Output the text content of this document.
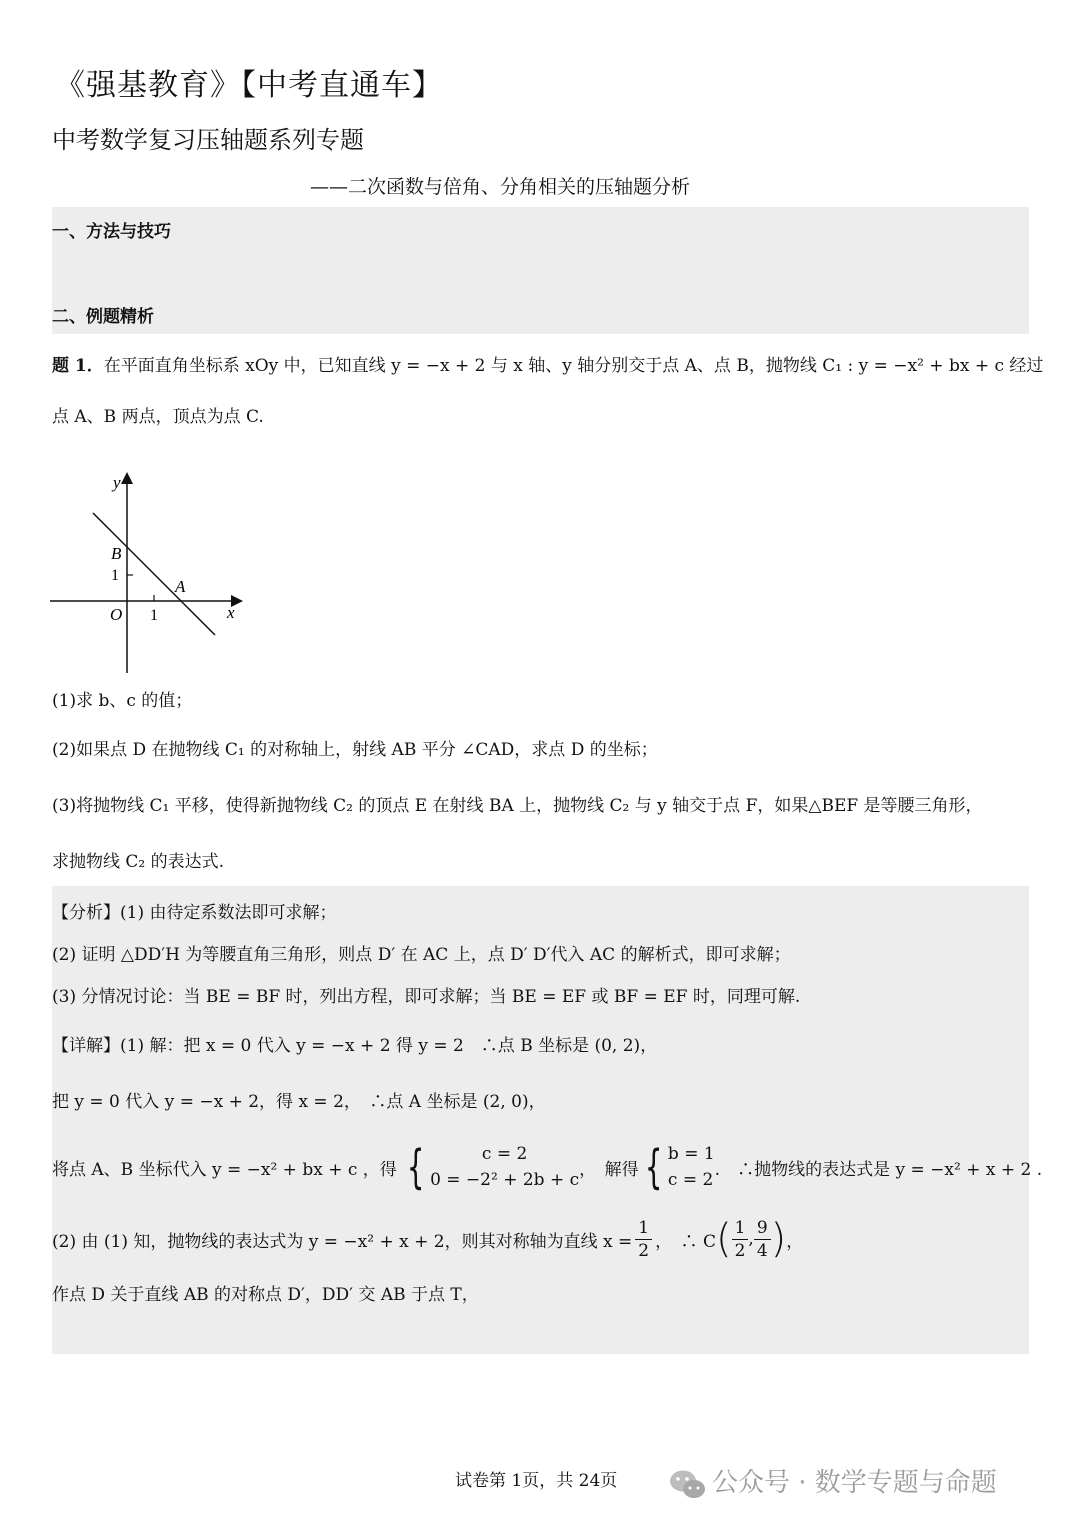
《强基教育》【中考直通车】
中考数学复习压轴题系列专题
——二次函数与倍角、分角相关的压轴题分析
一、方法与技巧
二、例题精析
题 1．在平面直角坐标系 xOy 中，已知直线 y = −x + 2 与 x 轴、y 轴分别交于点 A、点 B，抛物线 C₁ : y = −x² + bx + c 经过
点 A、B 两点，顶点为点 C.
y
x
B
1
A
O 1
(1)求 b、c 的值；
(2)如果点 D 在抛物线 C₁ 的对称轴上，射线 AB 平分 ∠CAD，求点 D 的坐标；
(3)将抛物线 C₁ 平移，使得新抛物线 C₂ 的顶点 E 在射线 BA 上，抛物线 C₂ 与 y 轴交于点 F，如果△BEF 是等腰三角形，
求抛物线 C₂ 的表达式.
【分析】(1) 由待定系数法即可求解；
(2) 证明 △DD′H 为等腰直角三角形，则点 D′ 在 AC 上，点 D′ D′代入 AC 的解析式，即可求解；
(3) 分情况讨论：当 BE = BF 时，列出方程，即可求解；当 BE = EF 或 BF = EF 时，同理可解.
【详解】(1) 解：把 x = 0 代入 y = −x + 2 得 y = 2　∴点 B 坐标是 (0, 2)，
把 y = 0 代入 y = −x + 2，得 x = 2，　∴点 A 坐标是 (2, 0)，
将点 A、B 坐标代入 y = −x² + bx + c ，得 {	c = 2
0 = −2² + 2b + c
，　解得 { b = 1
c = 2
.　∴抛物线的表达式是 y = −x² + x + 2 .
(2) 由 (1) 知，抛物线的表达式为 y = −x² + x + 2，则其对称轴为直线 $x = \frac{1}{2}$ ，　∴ C ( $\frac{1}{2}$ , $\frac{9}{4}$ ) ，
作点 D 关于直线 AB 的对称点 D′，DD′ 交 AB 于点 T，
试卷第 1页，共 24页	公众号 · 数学专题与命题
